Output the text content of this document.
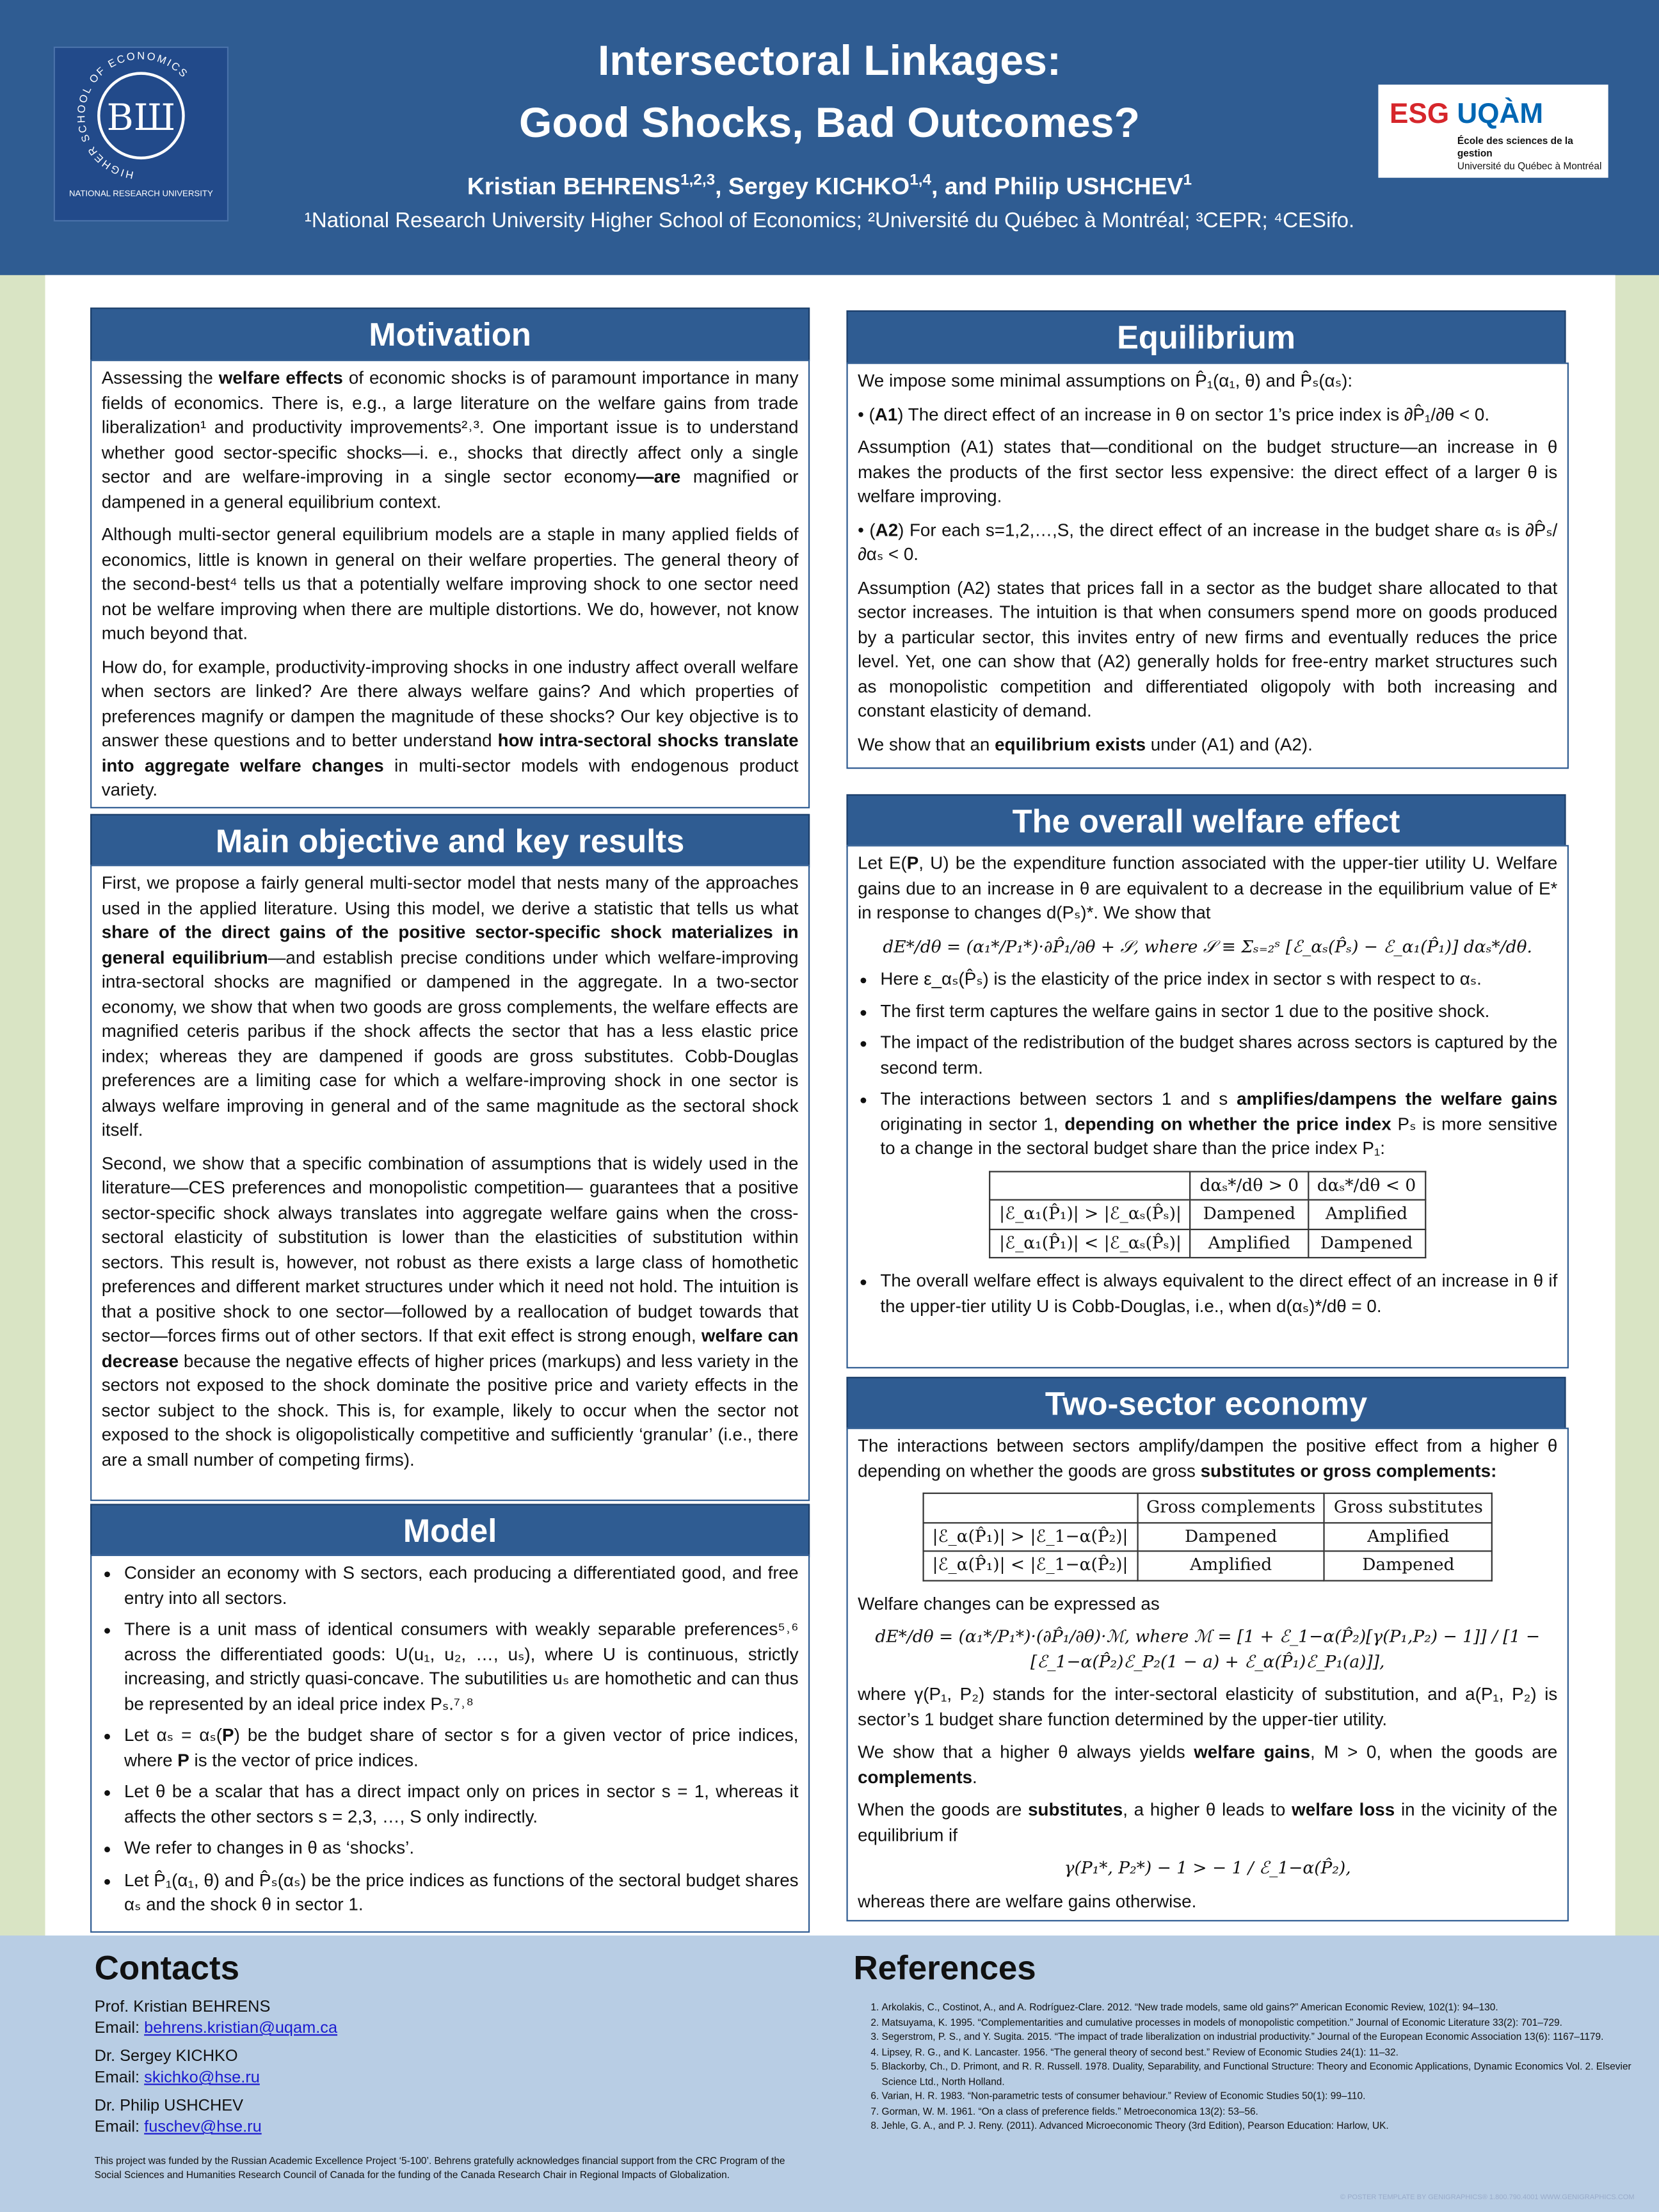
HIGHER SCHOOL OF ECONOMICS
ВШ
NATIONAL RESEARCH UNIVERSITY
Intersectoral Linkages:
Good Shocks, Bad Outcomes?
Kristian BEHRENS$^{1,2,3}$, Sergey KICHKO$^{1,4}$, and Philip USHCHEV$^1$
¹National Research University Higher School of Economics; ²Université du Québec à Montréal; ³CEPR; ⁴CESifo.
ESG UQÀM
École des sciences de la gestion
Université du Québec à Montréal
Motivation

Assessing the welfare effects of economic shocks is of paramount importance in many fields of economics. There is, e.g., a large literature on the welfare gains from trade liberalization¹ and productivity improvements²˒³. One important issue is to understand whether good sector-specific shocks—i. e., shocks that directly affect only a single sector and are welfare-improving in a single sector economy—are magnified or dampened in a general equilibrium context.

Although multi-sector general equilibrium models are a staple in many applied fields of economics, little is known in general on their welfare properties. The general theory of the second-best⁴ tells us that a potentially welfare improving shock to one sector need not be welfare improving when there are multiple distortions. We do, however, not know much beyond that.

How do, for example, productivity-improving shocks in one industry affect overall welfare when sectors are linked? Are there always welfare gains? And which properties of preferences magnify or dampen the magnitude of these shocks? Our key objective is to answer these questions and to better understand how intra-sectoral shocks translate into aggregate welfare changes in multi-sector models with endogenous product variety.

Main objective and key results

First, we propose a fairly general multi-sector model that nests many of the approaches used in the applied literature. Using this model, we derive a statistic that tells us what share of the direct gains of the positive sector-specific shock materializes in general equilibrium—and establish precise conditions under which welfare-improving intra-sectoral shocks are magnified or dampened in the aggregate. In a two-sector economy, we show that when two goods are gross complements, the welfare effects are magnified ceteris paribus if the shock affects the sector that has a less elastic price index; whereas they are dampened if goods are gross substitutes. Cobb-Douglas preferences are a limiting case for which a welfare-improving shock in one sector is always welfare improving in general and of the same magnitude as the sectoral shock itself.

Second, we show that a specific combination of assumptions that is widely used in the literature—CES preferences and monopolistic competition— guarantees that a positive sector-specific shock always translates into aggregate welfare gains when the cross-sectoral elasticity of substitution is lower than the elasticities of substitution within sectors. This result is, however, not robust as there exists a large class of homothetic preferences and different market structures under which it need not hold. The intuition is that a positive shock to one sector—followed by a reallocation of budget towards that sector—forces firms out of other sectors. If that exit effect is strong enough, welfare can decrease because the negative effects of higher prices (markups) and less variety in the sectors not exposed to the shock dominate the positive price and variety effects in the sector subject to the shock. This is, for example, likely to occur when the sector not exposed to the shock is oligopolistically competitive and sufficiently ‘granular’ (i.e., there are a small number of competing firms).

Model
• Consider an economy with S sectors, each producing a differentiated good, and free entry into all sectors.
• There is a unit mass of identical consumers with weakly separable preferences⁵˒⁶ across the differentiated goods: U(u₁, u₂, …, uₛ), where U is continuous, strictly increasing, and strictly quasi-concave. The subutilities uₛ are homothetic and can thus be represented by an ideal price index Pₛ.⁷˒⁸
• Let αₛ = αₛ(P) be the budget share of sector s for a given vector of price indices, where P is the vector of price indices.
• Let θ be a scalar that has a direct impact only on prices in sector s = 1, whereas it affects the other sectors s = 2,3, …, S only indirectly.
• We refer to changes in θ as ‘shocks’.
• Let P̂₁(α₁, θ) and P̂ₛ(αₛ) be the price indices as functions of the sectoral budget shares αₛ and the shock θ in sector 1.
Equilibrium

We impose some minimal assumptions on P̂₁(α₁, θ) and P̂ₛ(αₛ):

• (A1) The direct effect of an increase in θ on sector 1’s price index is ∂P̂₁/∂θ < 0.

Assumption (A1) states that—conditional on the budget structure—an increase in θ makes the products of the first sector less expensive: the direct effect of a larger θ is welfare improving.

• (A2) For each s=1,2,…,S, the direct effect of an increase in the budget share αₛ is ∂P̂ₛ/∂αₛ < 0.

Assumption (A2) states that prices fall in a sector as the budget share allocated to that sector increases. The intuition is that when consumers spend more on goods produced by a particular sector, this invites entry of new firms and eventually reduces the price level. Yet, one can show that (A2) generally holds for free-entry market structures such as monopolistic competition and differentiated oligopoly with both increasing and constant elasticity of demand.

We show that an equilibrium exists under (A1) and (A2).

The overall welfare effect

Let E(P, U) be the expenditure function associated with the upper-tier utility U. Welfare gains due to an increase in θ are equivalent to a decrease in the equilibrium value of E* in response to changes d(Pₛ)*. We show that

dE*/dθ = (α₁*/P₁*)·∂P̂₁/∂θ + 𝒮, where 𝒮 ≡ Σₛ₌₂ˢ [ℰ_αₛ(P̂ₛ) − ℰ_α₁(P̂₁)] dαₛ*/dθ.
• Here ε_αₛ(P̂ₛ) is the elasticity of the price index in sector s with respect to αₛ.
• The first term captures the welfare gains in sector 1 due to the positive shock.
• The impact of the redistribution of the budget shares across sectors is captured by the second term.
• The interactions between sectors 1 and s amplifies/dampens the welfare gains originating in sector 1, depending on whether the price index Pₛ is more sensitive to a change in the sectoral budget share than the price index P₁:
	dαₛ*/dθ > 0	dαₛ*/dθ < 0
|ℰ_α₁(P̂₁)| > |ℰ_αₛ(P̂ₛ)|	Dampened	Amplified
|ℰ_α₁(P̂₁)| < |ℰ_αₛ(P̂ₛ)|	Amplified	Dampened
• The overall welfare effect is always equivalent to the direct effect of an increase in θ if the upper-tier utility U is Cobb-Douglas, i.e., when d(αₛ)*/dθ = 0.
Two-sector economy

The interactions between sectors amplify/dampen the positive effect from a higher θ depending on whether the goods are gross substitutes or gross complements:

	Gross complements	Gross substitutes
|ℰ_α(P̂₁)| > |ℰ_1−α(P̂₂)|	Dampened	Amplified
|ℰ_α(P̂₁)| < |ℰ_1−α(P̂₂)|	Amplified	Dampened

Welfare changes can be expressed as

dE*/dθ = (α₁*/P₁*)·(∂P̂₁/∂θ)·ℳ, where ℳ = [1 + ℰ_1−α(P̂₂)[γ(P₁,P₂) − 1]] / [1 − [ℰ_1−α(P̂₂)ℰ_P₂(1 − a) + ℰ_α(P̂₁)ℰ_P₁(a)]],

where γ(P₁, P₂) stands for the inter-sectoral elasticity of substitution, and a(P₁, P₂) is sector’s 1 budget share function determined by the upper-tier utility.

We show that a higher θ always yields welfare gains, M > 0, when the goods are complements.

When the goods are substitutes, a higher θ leads to welfare loss in the vicinity of the equilibrium if

γ(P₁*, P₂*) − 1 > − 1 / ℰ_1−α(P̂₂),

whereas there are welfare gains otherwise.

Contacts	References
Prof. Kristian BEHRENS
Email: behrens.kristian@uqam.ca
Dr. Sergey KICHKO
Email: skichko@hse.ru
Dr. Philip USHCHEV
Email: fuschev@hse.ru
This project was funded by the Russian Academic Excellence Project ‘5-100’. Behrens gratefully acknowledges financial support from the CRC Program of the Social Sciences and Humanities Research Council of Canada for the funding of the Canada Research Chair in Regional Impacts of Globalization.
1. Arkolakis, C., Costinot, A., and A. Rodríguez-Clare. 2012. “New trade models, same old gains?” American Economic Review, 102(1): 94–130.
2. Matsuyama, K. 1995. “Complementarities and cumulative processes in models of monopolistic competition.” Journal of Economic Literature 33(2): 701–729.
3. Segerstrom, P. S., and Y. Sugita. 2015. “The impact of trade liberalization on industrial productivity.” Journal of the European Economic Association 13(6): 1167–1179.
4. Lipsey, R. G., and K. Lancaster. 1956. “The general theory of second best.” Review of Economic Studies 24(1): 11–32.
5. Blackorby, Ch., D. Primont, and R. R. Russell. 1978. Duality, Separability, and Functional Structure: Theory and Economic Applications, Dynamic Economics Vol. 2. Elsevier Science Ltd., North Holland.
6. Varian, H. R. 1983. “Non-parametric tests of consumer behaviour.” Review of Economic Studies 50(1): 99–110.
7. Gorman, W. M. 1961. “On a class of preference fields.” Metroeconomica 13(2): 53–56.
8. Jehle, G. A., and P. J. Reny. (2011). Advanced Microeconomic Theory (3rd Edition), Pearson Education: Harlow, UK.
© POSTER TEMPLATE BY GENIGRAPHICS® 1.800.790.4001 WWW.GENIGRAPHICS.COM
